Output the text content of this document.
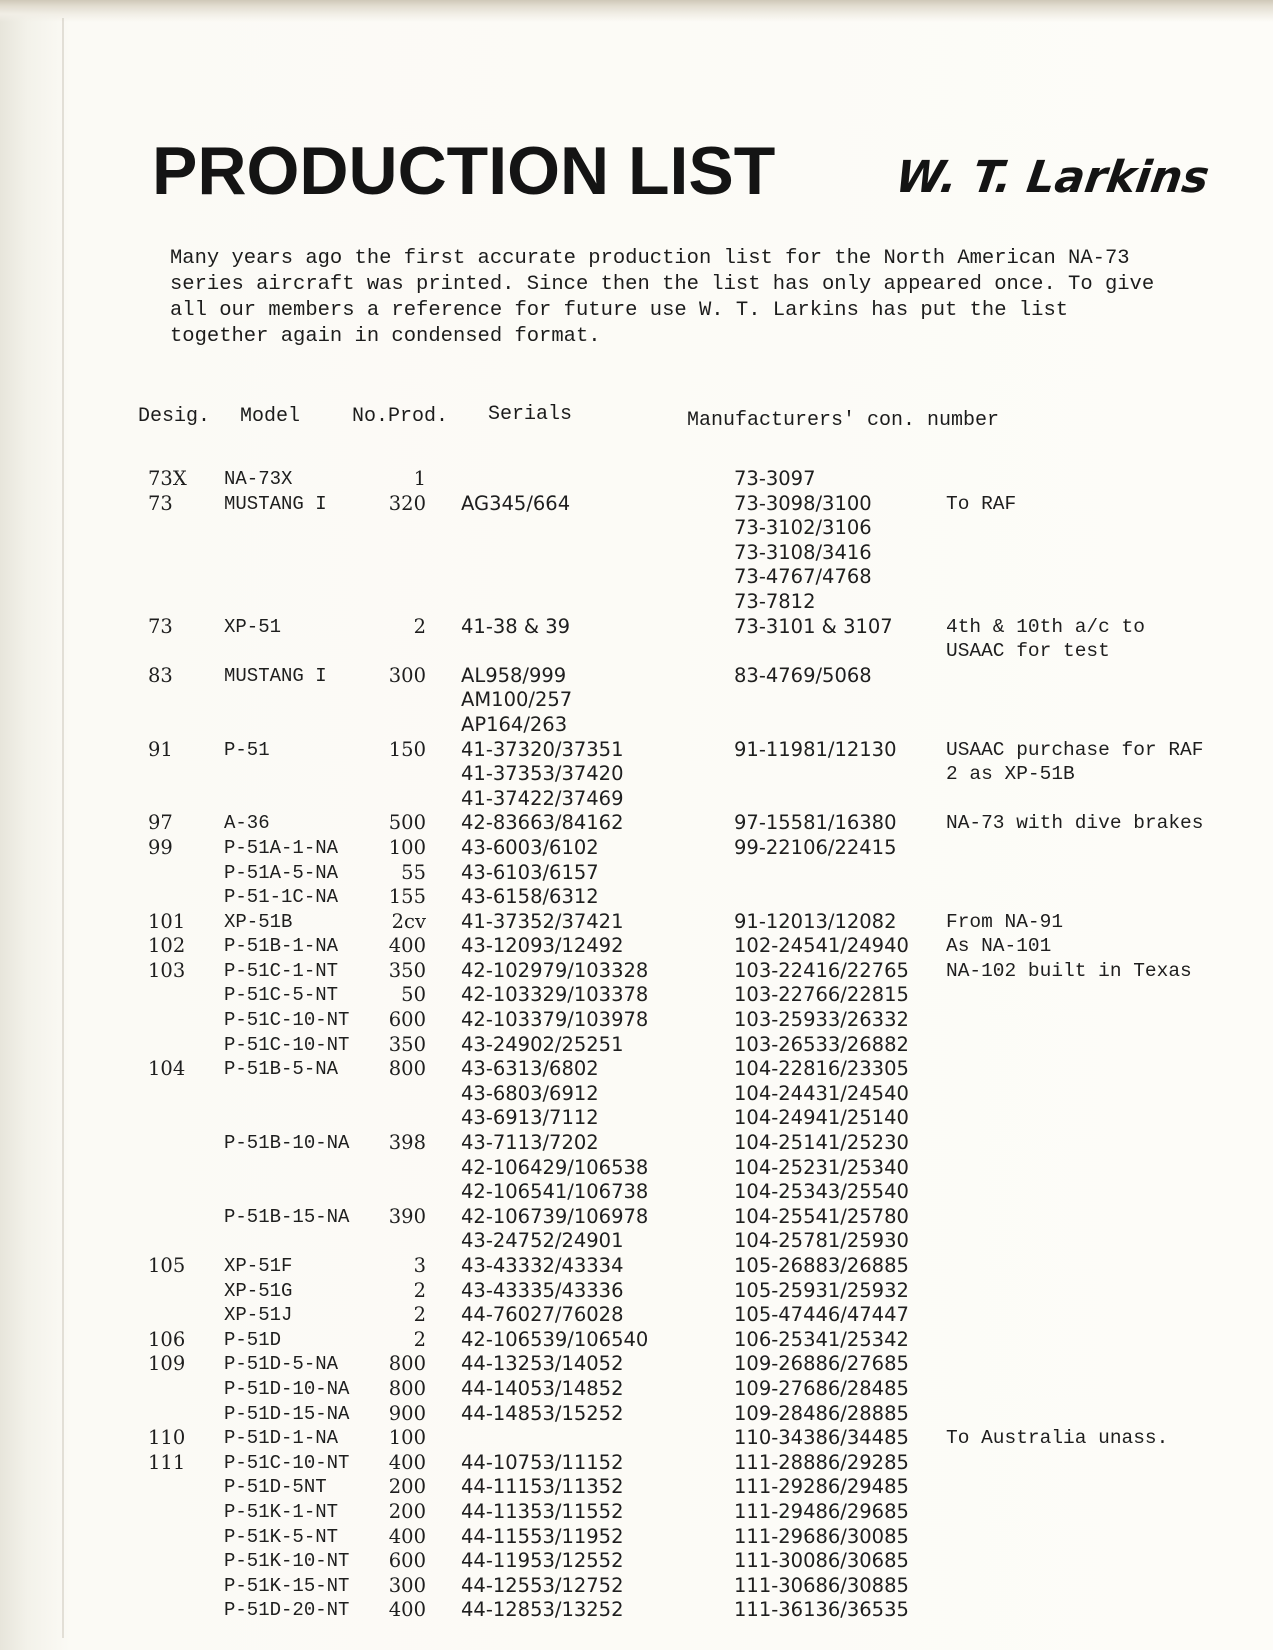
PRODUCTION LIST	W. T. Larkins
Many years ago the first accurate production list for the North American NA-73
series aircraft was printed. Since then the list has only appeared once. To give
all our members a reference for future use W. T. Larkins has put the list
together again in condensed format.
Desig. Model	No.Prod. Serials	Manufacturers' con. number
73X NA-73X	1	73-3097
73	MUSTANG I	320 AG345/664	73-3098/3100	To RAF
73-3102/3106
73-3108/3416
73-4767/4768
73-7812
73	XP-51	2 41-38 & 39	73-3101 & 3107	4th & 10th a/c to
USAAC for test
83	MUSTANG I	300 AL958/999	83-4769/5068
AM100/257
AP164/263
91	P-51	150 41-37320/37351	91-11981/12130	USAAC purchase for RAF
41-37353/37420	2 as XP-51B
41-37422/37469
97	A-36	500 42-83663/84162	97-15581/16380	NA-73 with dive brakes
99	P-51A-1-NA	100 43-6003/6102	99-22106/22415
P-51A-5-NA	55 43-6103/6157
P-51-1C-NA	155 43-6158/6312
101 XP-51B	2cv 41-37352/37421	91-12013/12082	From NA-91
102 P-51B-1-NA	400 43-12093/12492	102-24541/24940 As NA-101
103 P-51C-1-NT	350 42-102979/103328	103-22416/22765 NA-102 built in Texas
P-51C-5-NT	50 42-103329/103378	103-22766/22815
P-51C-10-NT	600 42-103379/103978	103-25933/26332
P-51C-10-NT	350 43-24902/25251	103-26533/26882
104 P-51B-5-NA	800 43-6313/6802	104-22816/23305
43-6803/6912	104-24431/24540
43-6913/7112	104-24941/25140
P-51B-10-NA	398 43-7113/7202	104-25141/25230
42-106429/106538	104-25231/25340
42-106541/106738	104-25343/25540
P-51B-15-NA	390 42-106739/106978	104-25541/25780
43-24752/24901	104-25781/25930
105 XP-51F	3 43-43332/43334	105-26883/26885
XP-51G	2 43-43335/43336	105-25931/25932
XP-51J	2 44-76027/76028	105-47446/47447
106 P-51D	2 42-106539/106540	106-25341/25342
109 P-51D-5-NA	800 44-13253/14052	109-26886/27685
P-51D-10-NA	800 44-14053/14852	109-27686/28485
P-51D-15-NA	900 44-14853/15252	109-28486/28885
110 P-51D-1-NA	100	110-34386/34485 To Australia unass.
111 P-51C-10-NT	400 44-10753/11152	111-28886/29285
P-51D-5NT	200 44-11153/11352	111-29286/29485
P-51K-1-NT	200 44-11353/11552	111-29486/29685
P-51K-5-NT	400 44-11553/11952	111-29686/30085
P-51K-10-NT	600 44-11953/12552	111-30086/30685
P-51K-15-NT	300 44-12553/12752	111-30686/30885
P-51D-20-NT	400 44-12853/13252	111-36136/36535
